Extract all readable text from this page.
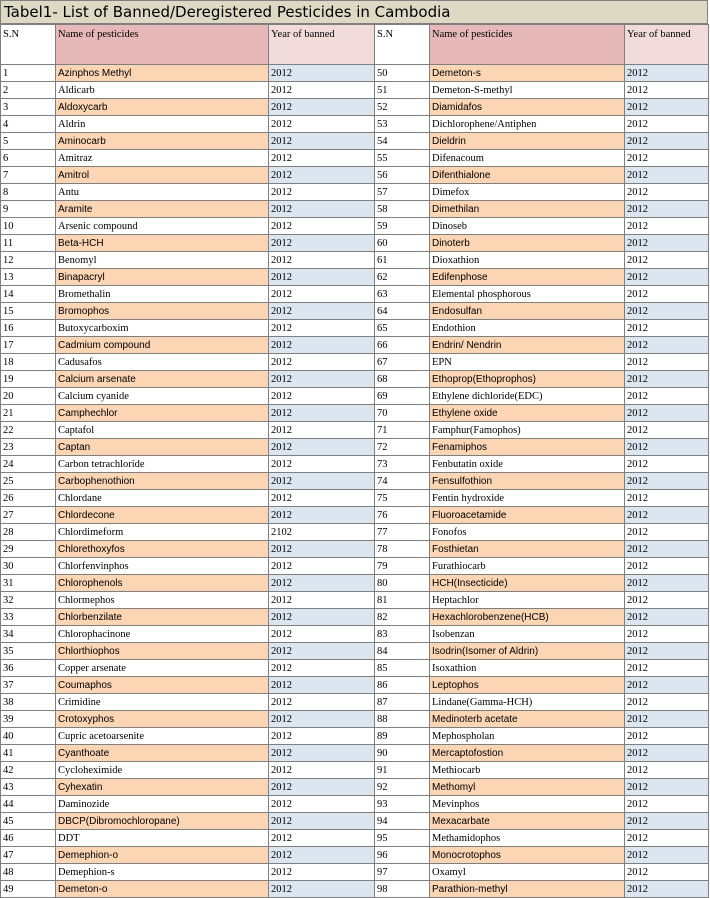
Tabel1- List of Banned/Deregistered Pesticides in Cambodia
S.N	Name of pesticides	Year of banned	S.N	Name of pesticides	Year of banned
1	Azinphos Methyl	2012	50	Demeton-s	2012
2	Aldicarb	2012	51	Demeton-S-methyl	2012
3	Aldoxycarb	2012	52	Diamidafos	2012
4	Aldrin	2012	53	Dichlorophene/Antiphen	2012
5	Aminocarb	2012	54	Dieldrin	2012
6	Amitraz	2012	55	Difenacoum	2012
7	Amitrol	2012	56	Difenthialone	2012
8	Antu	2012	57	Dimefox	2012
9	Aramite	2012	58	Dimethilan	2012
10	Arsenic compound	2012	59	Dinoseb	2012
11	Beta-HCH	2012	60	Dinoterb	2012
12	Benomyl	2012	61	Dioxathion	2012
13	Binapacryl	2012	62	Edifenphose	2012
14	Bromethalin	2012	63	Elemental phosphorous	2012
15	Bromophos	2012	64	Endosulfan	2012
16	Butoxycarboxim	2012	65	Endothion	2012
17	Cadmium compound	2012	66	Endrin/ Nendrin	2012
18	Cadusafos	2012	67	EPN	2012
19	Calcium arsenate	2012	68	Ethoprop(Ethoprophos)	2012
20	Calcium cyanide	2012	69	Ethylene dichloride(EDC)	2012
21	Camphechlor	2012	70	Ethylene oxide	2012
22	Captafol	2012	71	Famphur(Famophos)	2012
23	Captan	2012	72	Fenamiphos	2012
24	Carbon tetrachloride	2012	73	Fenbutatin oxide	2012
25	Carbophenothion	2012	74	Fensulfothion	2012
26	Chlordane	2012	75	Fentin hydroxide	2012
27	Chlordecone	2012	76	Fluoroacetamide	2012
28	Chlordimeform	2102	77	Fonofos	2012
29	Chlorethoxyfos	2012	78	Fosthietan	2012
30	Chlorfenvinphos	2012	79	Furathiocarb	2012
31	Chlorophenols	2012	80	HCH(Insecticide)	2012
32	Chlormephos	2012	81	Heptachlor	2012
33	Chlorbenzilate	2012	82	Hexachlorobenzene(HCB)	2012
34	Chlorophacinone	2012	83	Isobenzan	2012
35	Chlorthiophos	2012	84	Isodrin(Isomer of Aldrin)	2012
36	Copper arsenate	2012	85	Isoxathion	2012
37	Coumaphos	2012	86	Leptophos	2012
38	Crimidine	2012	87	Lindane(Gamma-HCH)	2012
39	Crotoxyphos	2012	88	Medinoterb acetate	2012
40	Cupric acetoarsenite	2012	89	Mephospholan	2012
41	Cyanthoate	2012	90	Mercaptofostion	2012
42	Cycloheximide	2012	91	Methiocarb	2012
43	Cyhexatin	2012	92	Methomyl	2012
44	Daminozide	2012	93	Mevinphos	2012
45	DBCP(Dibromochloropane)	2012	94	Mexacarbate	2012
46	DDT	2012	95	Methamidophos	2012
47	Demephion-o	2012	96	Monocrotophos	2012
48	Demephion-s	2012	97	Oxamyl	2012
49	Demeton-o	2012	98	Parathion-methyl	2012
